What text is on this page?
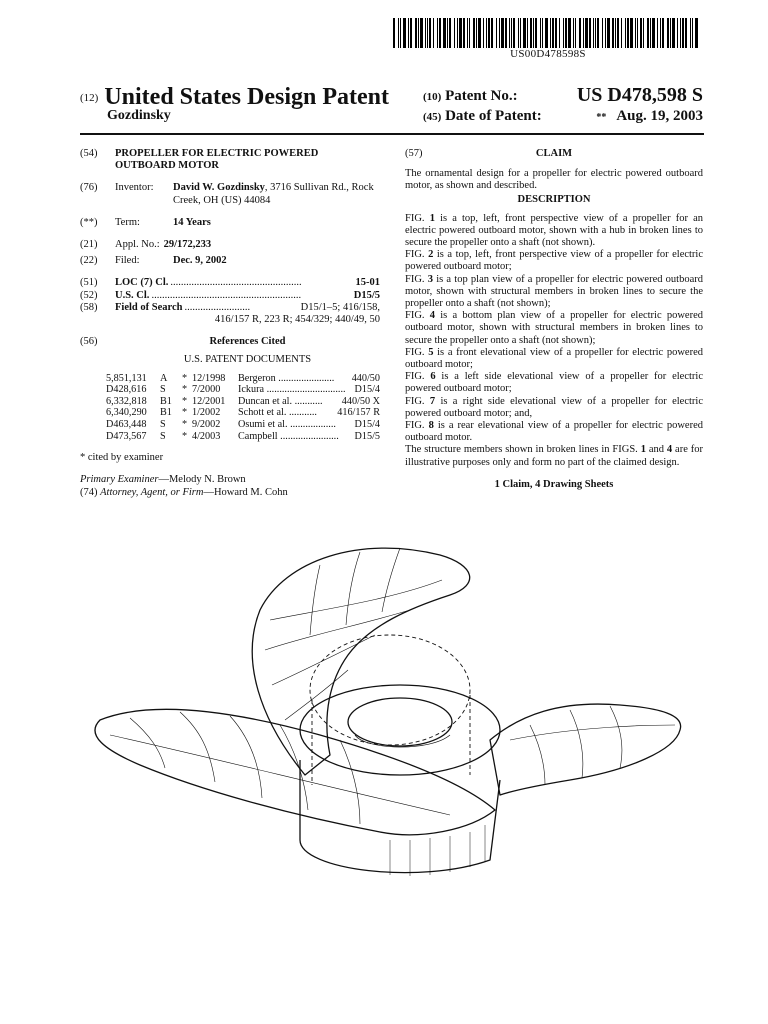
US00D478598S
(12) United States Design Patent
Gozdinsky
(10) Patent No.:	US D478,598 S
(45) Date of Patent:	** Aug. 19, 2003
(54)	PROPELLER FOR ELECTRIC POWERED OUTBOARD MOTOR
(76)	Inventor:	David W. Gozdinsky, 3716 Sullivan Rd., Rock Creek, OH (US) 44084
(**)	Term:	14 Years
(21)	Appl. No.: 29/172,233
(22)	Filed:	Dec. 9, 2002
(51)	LOC (7) Cl. ..................................................	15-01
(52)	U.S. Cl. .........................................................	D15/5
(58)	Field of Search .........................	D15/1–5; 416/158,
416/157 R, 223 R; 454/329; 440/49, 50
(56)	References Cited
U.S. PATENT DOCUMENTS
5,851,131	A	* 12/1998	Bergeron ......................	440/50
D428,616	S	* 7/2000	Ickura ............................... D15/4
6,332,818	B1 * 12/2001	Duncan et al. ...........	440/50 X
6,340,290	B1 * 1/2002	Schott et al. ...........	416/157 R
D463,448	S	* 9/2002	Osumi et al. ..................	D15/4
D473,567	S	* 4/2003	Campbell .......................	D15/5
* cited by examiner
Primary Examiner—Melody N. Brown
(74) Attorney, Agent, or Firm—Howard M. Cohn
(57)	CLAIM
The ornamental design for a propeller for electric powered outboard motor, as shown and described.
DESCRIPTION
FIG. 1 is a top, left, front perspective view of a propeller for an electric powered outboard motor, shown with a hub in broken lines to secure the propeller onto a shaft (not shown).
FIG. 2 is a top, left, front perspective view of a propeller for electric powered outboard motor;
FIG. 3 is a top plan view of a propeller for electric powered outboard motor, shown with structural members in broken lines to secure the propeller onto a shaft (not shown);
FIG. 4 is a bottom plan view of a propeller for electric powered outboard motor, shown with structural members in broken lines to secure the propeller onto a shaft (not shown);
FIG. 5 is a front elevational view of a propeller for electric powered outboard motor;
FIG. 6 is a left side elevational view of a propeller for electric powered outboard motor;
FIG. 7 is a right side elevational view of a propeller for electric powered outboard motor; and,
FIG. 8 is a rear elevational view of a propeller for electric powered outboard motor.
The structure members shown in broken lines in FIGS. 1 and 4 are for illustrative purposes only and form no part of the claimed design.
1 Claim, 4 Drawing Sheets
